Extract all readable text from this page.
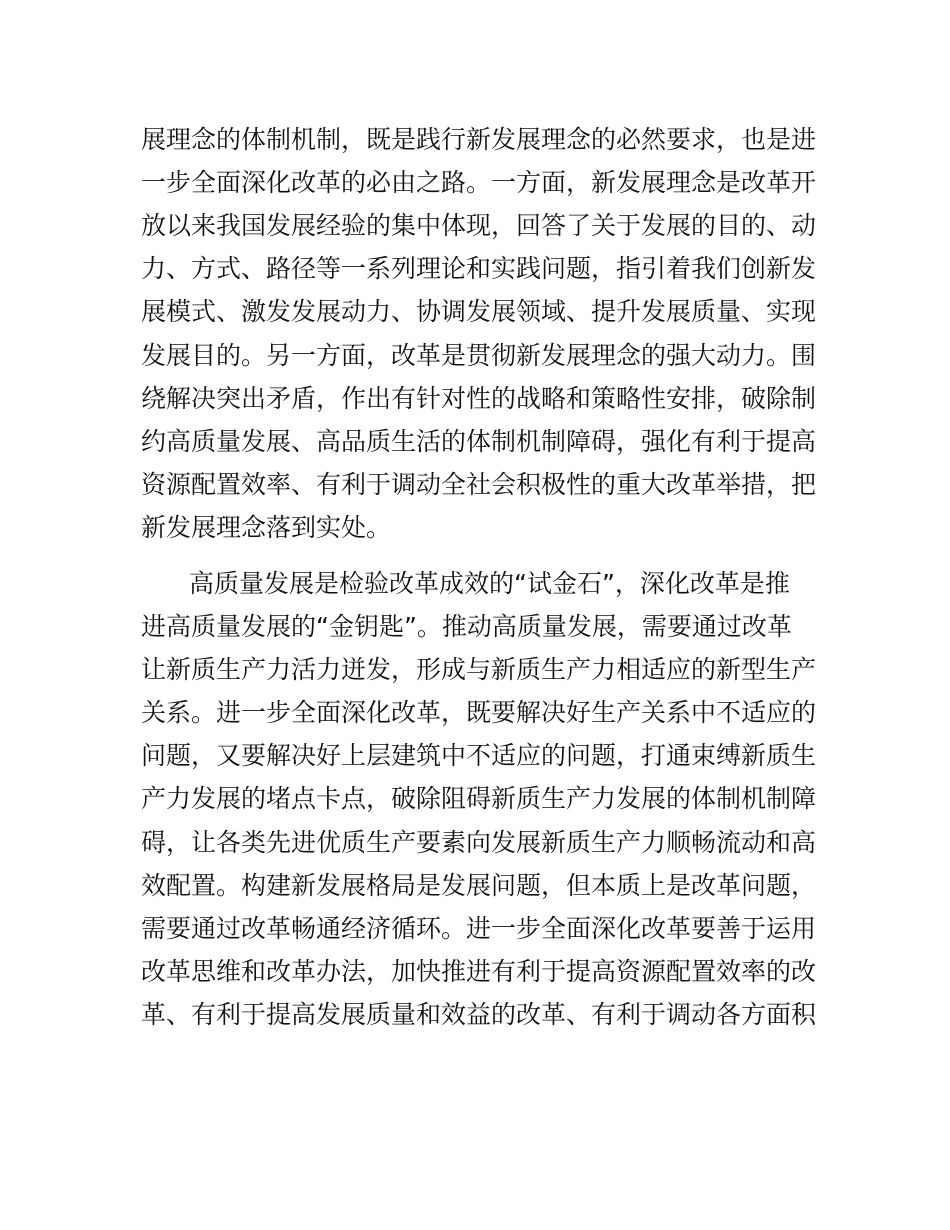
展理念的体制机制，既是践行新发展理念的必然要求，也是进
一步全面深化改革的必由之路。一方面，新发展理念是改革开
放以来我国发展经验的集中体现，回答了关于发展的目的、动
力、方式、路径等一系列理论和实践问题，指引着我们创新发
展模式、激发发展动力、协调发展领域、提升发展质量、实现
发展目的。另一方面，改革是贯彻新发展理念的强大动力。围
绕解决突出矛盾，作出有针对性的战略和策略性安排，破除制
约高质量发展、高品质生活的体制机制障碍，强化有利于提高
资源配置效率、有利于调动全社会积极性的重大改革举措，把
新发展理念落到实处。
高质量发展是检验改革成效的“试金石”，深化改革是推
进高质量发展的“金钥匙”。推动高质量发展，需要通过改革
让新质生产力活力迸发，形成与新质生产力相适应的新型生产
关系。进一步全面深化改革，既要解决好生产关系中不适应的
问题，又要解决好上层建筑中不适应的问题，打通束缚新质生
产力发展的堵点卡点，破除阻碍新质生产力发展的体制机制障
碍，让各类先进优质生产要素向发展新质生产力顺畅流动和高
效配置。构建新发展格局是发展问题，但本质上是改革问题，
需要通过改革畅通经济循环。进一步全面深化改革要善于运用
改革思维和改革办法，加快推进有利于提高资源配置效率的改
革、有利于提高发展质量和效益的改革、有利于调动各方面积
